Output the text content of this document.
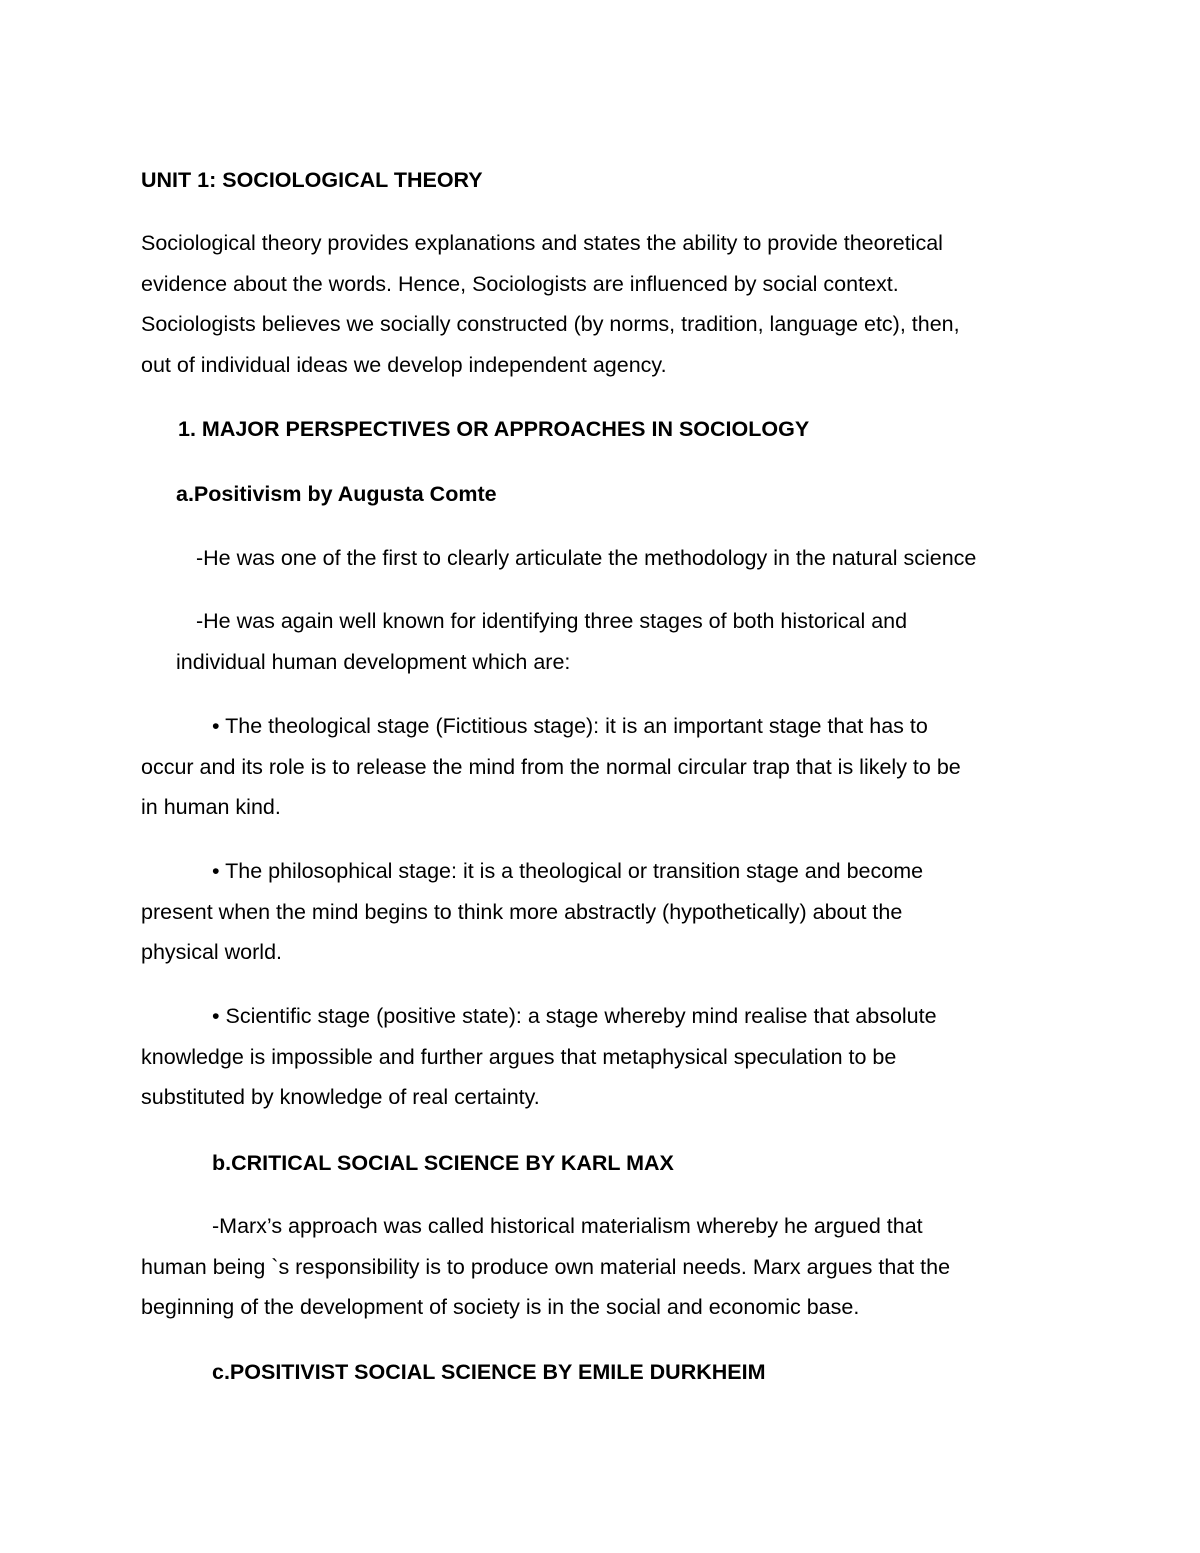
UNIT 1: SOCIOLOGICAL THEORY

Sociological theory provides explanations and states the ability to provide theoretical
evidence about the words. Hence, Sociologists are influenced by social context.
Sociologists believes we socially constructed (by norms, tradition, language etc), then,
out of individual ideas we develop independent agency.

1. MAJOR PERSPECTIVES OR APPROACHES IN SOCIOLOGY

a.Positivism by Augusta Comte

-He was one of the first to clearly articulate the methodology in the natural science

-He was again well known for identifying three stages of both historical and
individual human development which are:
• The theological stage (Fictitious stage): it is an important stage that has to
occur and its role is to release the mind from the normal circular trap that is likely to be
in human kind.
• The philosophical stage: it is a theological or transition stage and become
present when the mind begins to think more abstractly (hypothetically) about the
physical world.
• Scientific stage (positive state): a stage whereby mind realise that absolute
knowledge is impossible and further argues that metaphysical speculation to be
substituted by knowledge of real certainty.

b.CRITICAL SOCIAL SCIENCE BY KARL MAX

-Marx’s approach was called historical materialism whereby he argued that
human being `s responsibility is to produce own material needs. Marx argues that the
beginning of the development of society is in the social and economic base.

c.POSITIVIST SOCIAL SCIENCE BY EMILE DURKHEIM
